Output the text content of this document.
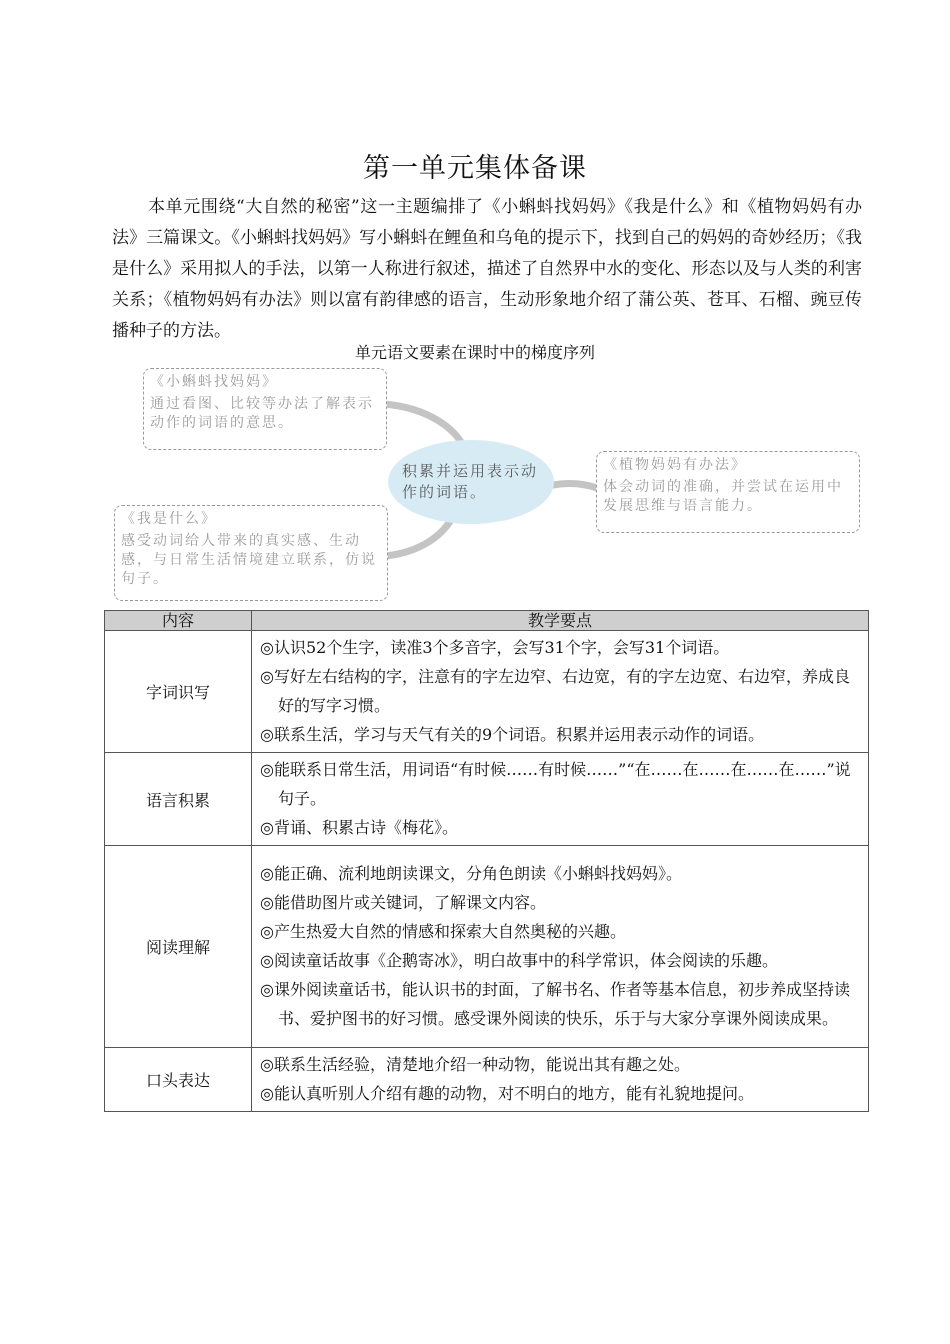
第一单元集体备课

本单元围绕“大自然的秘密”这一主题编排了《小蝌蚪找妈妈》《我是什么》和《植物妈妈有办法》三篇课文。《小蝌蚪找妈妈》写小蝌蚪在鲤鱼和乌龟的提示下，找到自己的妈妈的奇妙经历；《我是什么》采用拟人的手法，以第一人称进行叙述，描述了自然界中水的变化、形态以及与人类的利害关系；《植物妈妈有办法》则以富有韵律感的语言，生动形象地介绍了蒲公英、苍耳、石榴、豌豆传播种子的方法。

单元语文要素在课时中的梯度序列
《小蝌蚪找妈妈》
通过看图、比较等办法了解表示动作的词语的意思。
《我是什么》
感受动词给人带来的真实感、生动感，与日常生活情境建立联系，仿说句子。
《植物妈妈有办法》
体会动词的准确，并尝试在运用中发展思维与语言能力。
积累并运用表示动作的词语。
内容	教学要点
字词识写	◎认识52个生字，读准3个多音字，会写31个字，会写31个词语。
◎写好左右结构的字，注意有的字左边窄、右边宽，有的字左边宽、右边窄，养成良好的写字习惯。
◎联系生活，学习与天气有关的9个词语。积累并运用表示动作的词语。

语言积累	◎能联系日常生活，用词语“有时候……有时候……”“在……在……在……在……”说句子。
◎背诵、积累古诗《梅花》。

阅读理解	◎能正确、流利地朗读课文，分角色朗读《小蝌蚪找妈妈》。
◎能借助图片或关键词，了解课文内容。
◎产生热爱大自然的情感和探索大自然奥秘的兴趣。
◎阅读童话故事《企鹅寄冰》，明白故事中的科学常识，体会阅读的乐趣。
◎课外阅读童话书，能认识书的封面，了解书名、作者等基本信息，初步养成坚持读书、爱护图书的好习惯。感受课外阅读的快乐，乐于与大家分享课外阅读成果。

口头表达	◎联系生活经验，清楚地介绍一种动物，能说出其有趣之处。
◎能认真听别人介绍有趣的动物，对不明白的地方，能有礼貌地提问。
